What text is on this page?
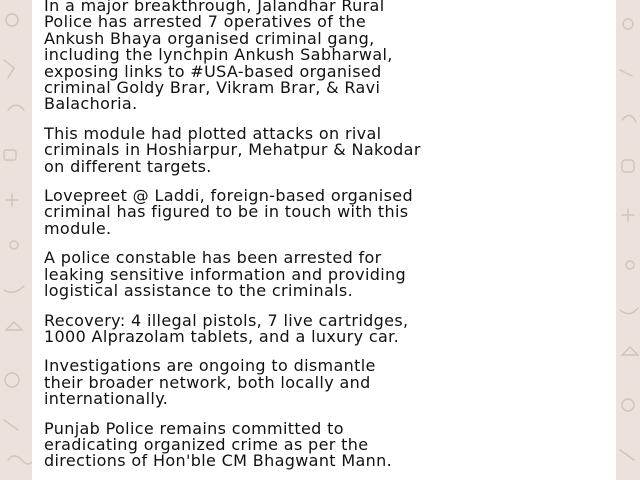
In a major breakthrough, Jalandhar Rural
Police has arrested 7 operatives of the
Ankush Bhaya organised criminal gang,
including the lynchpin Ankush Sabharwal,
exposing links to #USA-based organised
criminal Goldy Brar, Vikram Brar, & Ravi
Balachoria.

This module had plotted attacks on rival
criminals in Hoshiarpur, Mehatpur & Nakodar
on different targets.

Lovepreet @ Laddi, foreign-based organised
criminal has figured to be in touch with this
module.

A police constable has been arrested for
leaking sensitive information and providing
logistical assistance to the criminals.

Recovery: 4 illegal pistols, 7 live cartridges,
1000 Alprazolam tablets, and a luxury car.

Investigations are ongoing to dismantle
their broader network, both locally and
internationally.

Punjab Police remains committed to
eradicating organized crime as per the
directions of Hon'ble CM Bhagwant Mann.
